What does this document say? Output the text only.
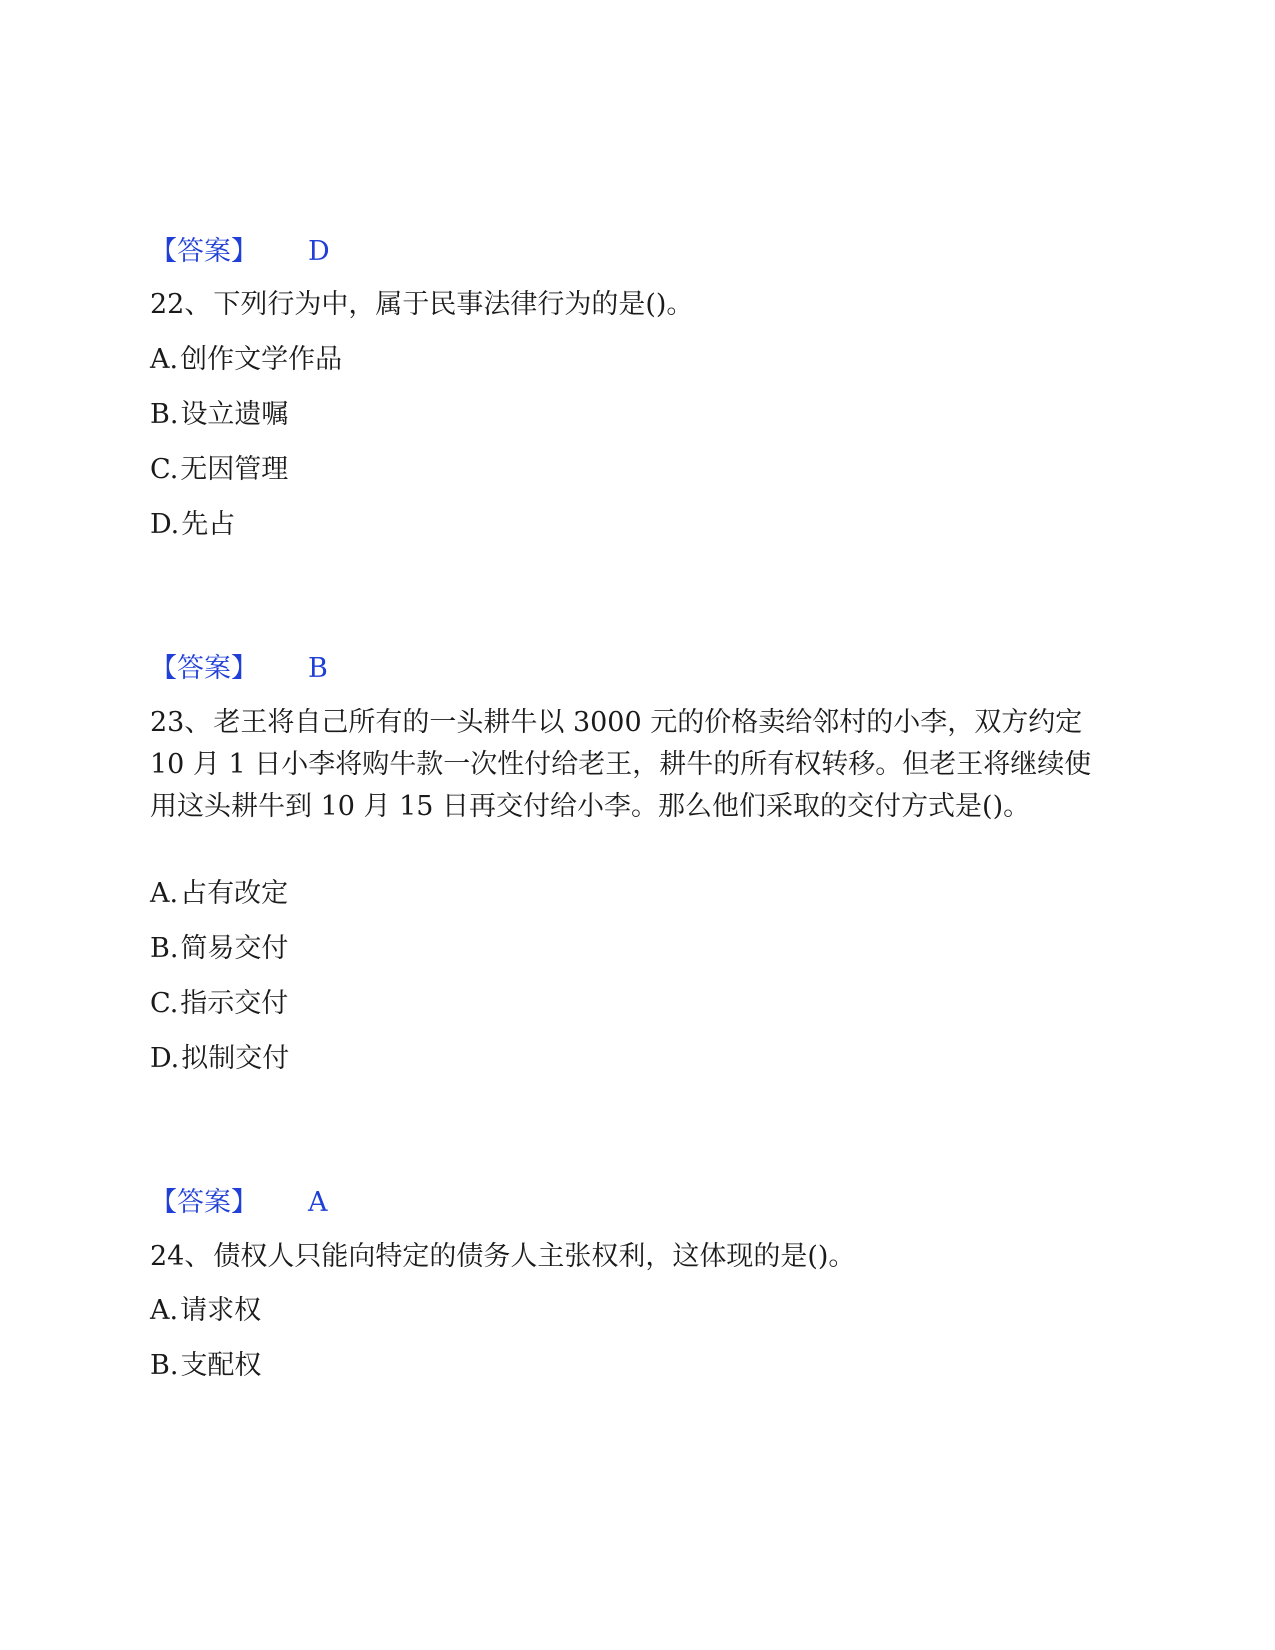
【答案】 D
22、下列行为中，属于民事法律行为的是()。
A.创作文学作品
B.设立遗嘱
C.无因管理
D.先占
【答案】 B
23、老王将自己所有的一头耕牛以 3000 元的价格卖给邻村的小李，双方约定 10 月 1 日小李将购牛款一次性付给老王，耕牛的所有权转移。但老王将继续使用这头耕牛到 10 月 15 日再交付给小李。那么他们采取的交付方式是()。
A.占有改定
B.简易交付
C.指示交付
D.拟制交付
【答案】 A
24、债权人只能向特定的债务人主张权利，这体现的是()。
A.请求权
B.支配权
